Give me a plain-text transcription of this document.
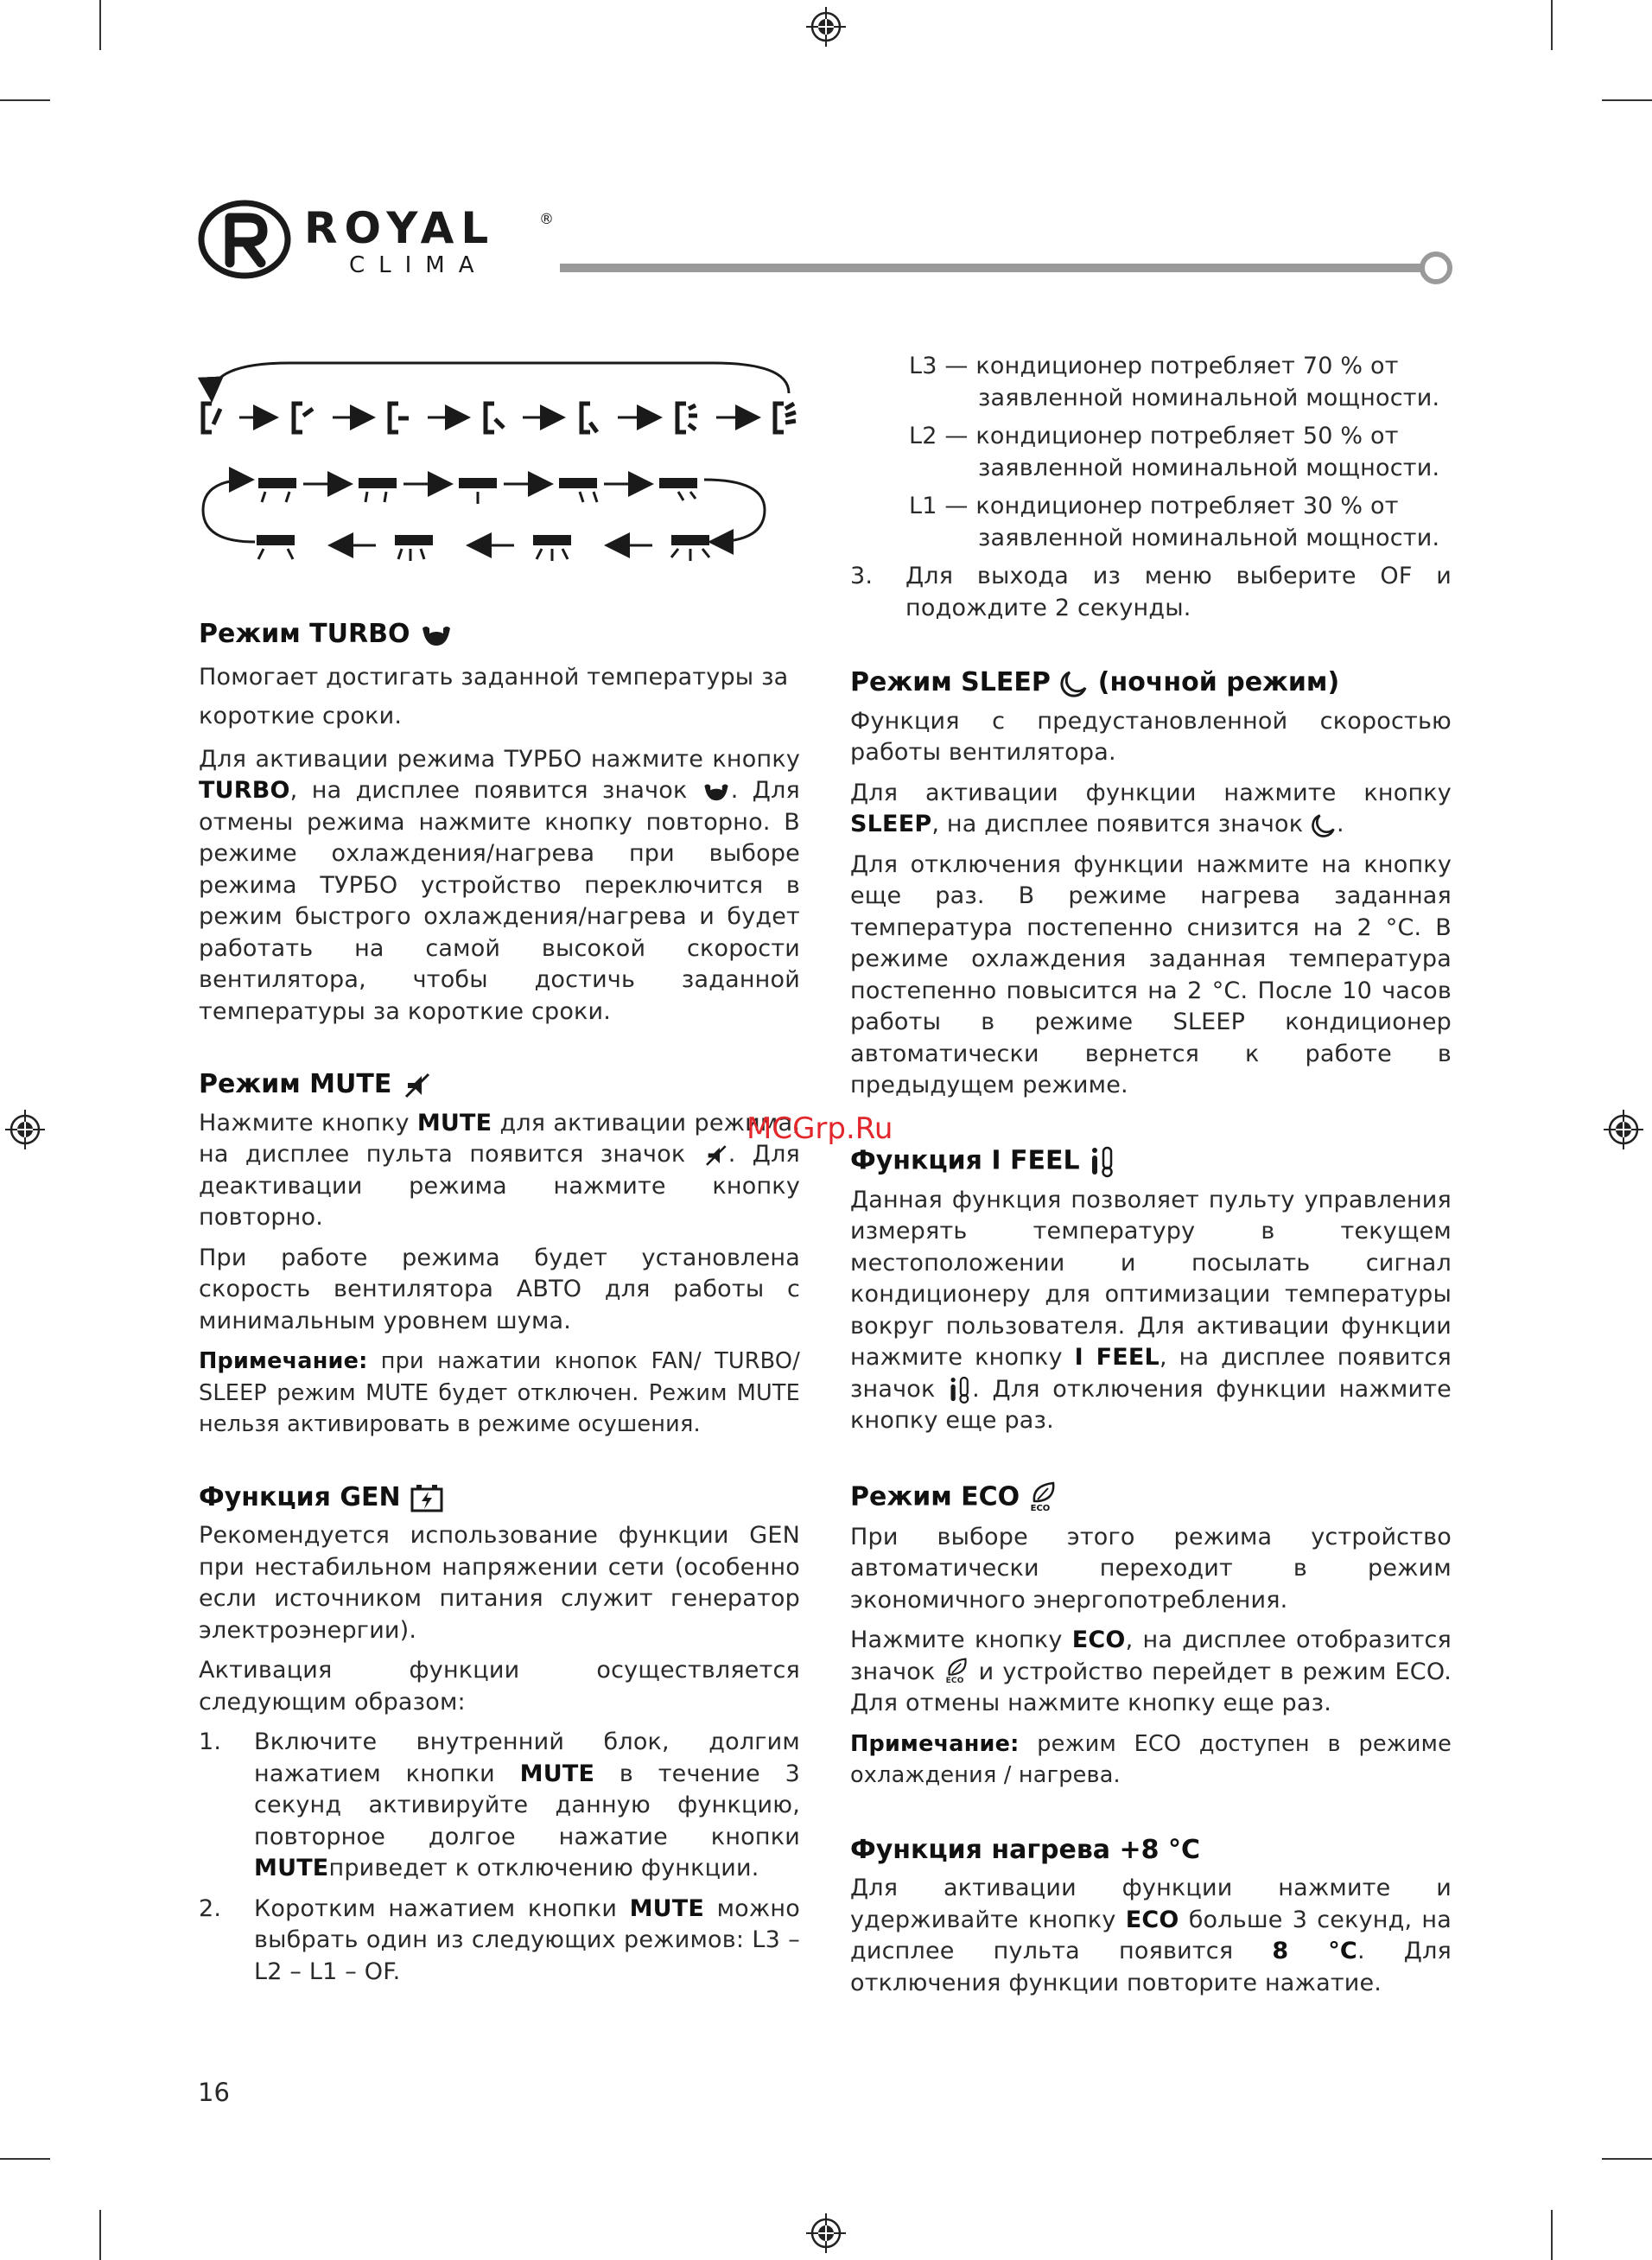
ROYAL	®
CLIMA
Режим TURBO

Помогает достигать заданной температуры за короткие сроки.

Для активации режима ТУРБО нажмите кнопку TURBO, на дисплее появится значок . Для отмены режима нажмите кнопку повторно. В режиме охлаждения/нагрева при выборе режима ТУРБО устройство переключится в режим быстрого охлаждения/нагрева и будет работать на самой высокой скорости вентилятора, чтобы достичь заданной температуры за короткие сроки.

Режим MUTE

Нажмите кнопку MUTE для активации режима, на дисплее пульта появится значок . Для деактивации режима нажмите кнопку повторно.

При работе режима будет установлена скорость вентилятора АВТО для работы с минимальным уровнем шума.

Примечание: при нажатии кнопок FAN/ TURBO/ SLEEP режим MUTE будет отключен. Режим MUTE нельзя активировать в режиме осушения.

Функция GEN

Рекомендуется использование функции GEN при нестабильном напряжении сети (особенно если источником питания служит генератор электроэнергии).

Активация функции осуществляется следующим образом:

1. Включите внутренний блок, долгим нажатием кнопки MUTE в течение 3 секунд активируйте данную функцию, повторное долгое нажатие кнопки MUTEприведет к отключению функции.
2. Коротким нажатием кнопки MUTE можно выбрать один из следующих режимов: L3 – L2 – L1 – OF.
L3 — кондиционер потребляет 70 % от заявленной номинальной мощности.
L2 — кондиционер потребляет 50 % от заявленной номинальной мощности.
L1 — кондиционер потребляет 30 % от заявленной номинальной мощности.
3. Для выхода из меню выберите OF и подождите 2 секунды.
Режим SLEEP (ночной режим)

Функция с предустановленной скоростью работы вентилятора.

Для активации функции нажмите кнопку SLEEP, на дисплее появится значок .

Для отключения функции нажмите на кнопку еще раз. В режиме нагрева заданная температура постепенно снизится на 2 °C. В режиме охлаждения заданная температура постепенно повысится на 2 °C. После 10 часов работы в режиме SLEEP кондиционер автоматически вернется к работе в предыдущем режиме.

Функция I FEEL

Данная функция позволяет пульту управления измерять температуру в текущем местоположении и посылать сигнал кондиционеру для оптимизации температуры вокруг пользователя. Для активации функции нажмите кнопку I FEEL, на дисплее появится значок . Для отключения функции нажмите кнопку еще раз.

Режим ECO ECO

При выборе этого режима устройство автоматически переходит в режим экономичного энергопотребления.

Нажмите кнопку ECO, на дисплее отобразится значок ECO и устройство перейдет в режим ECO. Для отмены нажмите кнопку еще раз.

Примечание: режим ECO доступен в режиме охлаждения / нагрева.

Функция нагрева +8 °C

Для активации функции нажмите и удерживайте кнопку ECO больше 3 секунд, на дисплее пульта появится 8 °C. Для отключения функции повторите нажатие.

MCGrp.Ru
16
